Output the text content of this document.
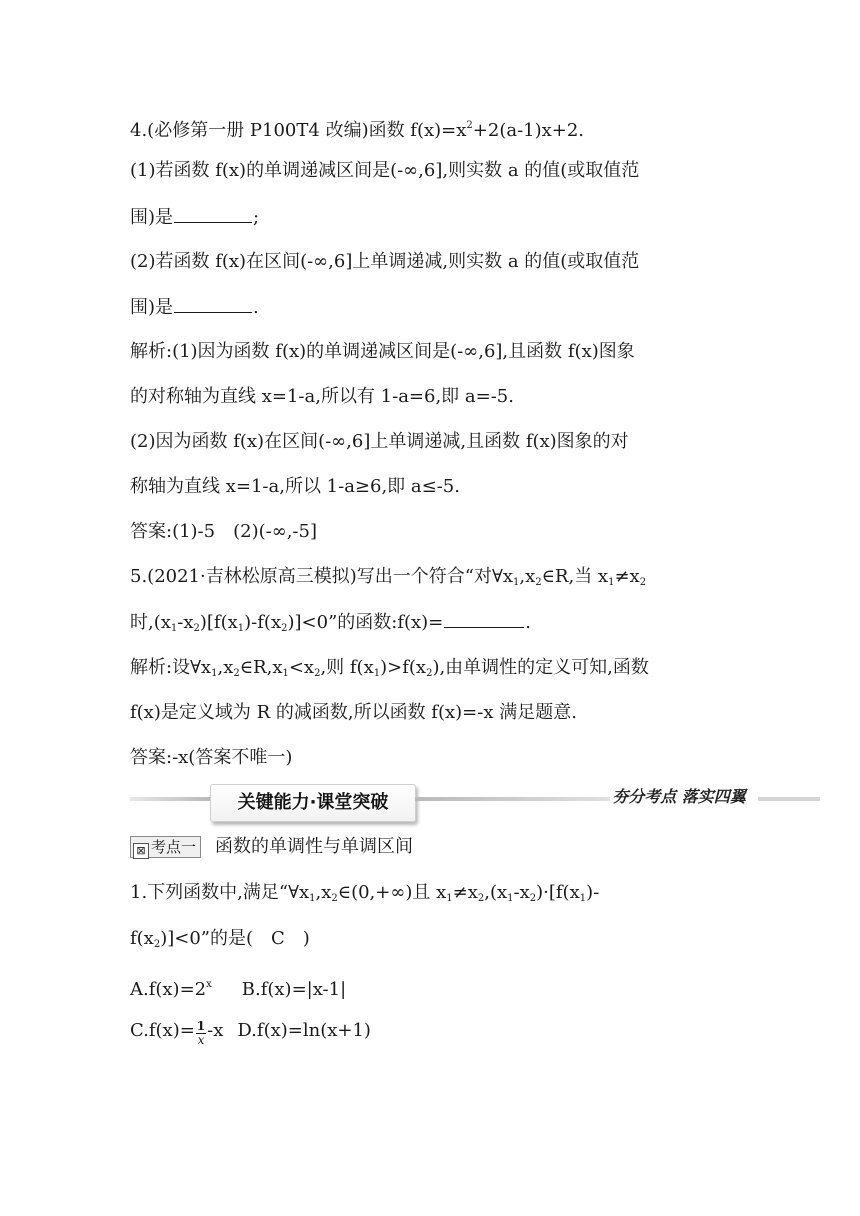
4.(必修第一册 P100T4 改编)函数 $f(x)=x^2+2(a-1)x+2$.
(1)若函数 f(x)的单调递减区间是(-∞,6],则实数 a 的值(或取值范
围)是	;
(2)若函数 f(x)在区间(-∞,6]上单调递减,则实数 a 的值(或取值范
围)是	.
解析:(1)因为函数 f(x)的单调递减区间是(-∞,6],且函数 f(x)图象
的对称轴为直线 x=1-a,所以有 1-a=6,即 a=-5.
(2)因为函数 f(x)在区间(-∞,6]上单调递减,且函数 f(x)图象的对
称轴为直线 x=1-a,所以 1-a≥6,即 a≤-5.
答案:(1)-5　(2)(-∞,-5]
5.(2021·吉林松原高三模拟)写出一个符合“对$\forall x_1,x_2\in R$,当 $x_1\ne x_2$
时$,(x_1-x_2)[f(x_1)-f(x_2)]<0$”的函数:f(x)=	.
解析:设$\forall x_1,x_2\in R,x_1<x_2$,则 $f(x_1)>f(x_2)$,由单调性的定义可知,函数
f(x)是定义域为 R 的减函数,所以函数 f(x)=-x 满足题意.
答案:-x(答案不唯一)
关键能力·课堂突破	夯分考点 落实四翼
⊠ 考点一 函数的单调性与单调区间
1.下列函数中,满足“$\forall x_1,x_2\in(0,+\infty)$且 $x_1\ne x_2,(x_1-x_2)\cdot[f(x_1)-$
$f(x_2)]<0$”的是(　C　)
$A.f(x)=2^x$ B.f(x)=|x-1|
$C.f(x)= \frac{1}{x} -x$ D.f(x)=ln(x+1)
